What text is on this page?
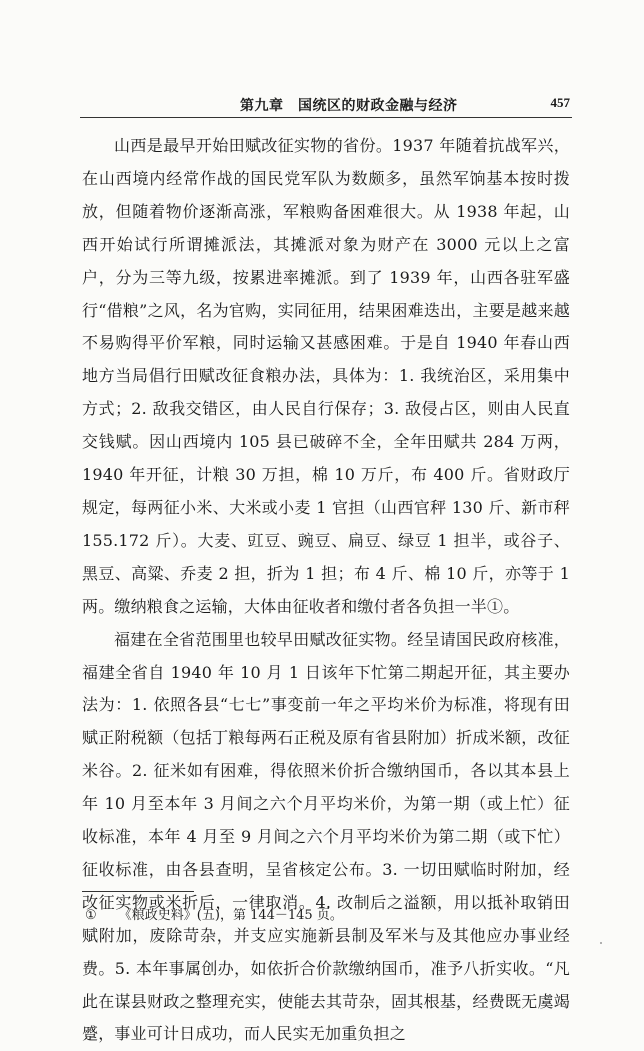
第九章　国统区的财政金融与经济	457

山西是最早开始田赋改征实物的省份。1937 年随着抗战军兴，在山西境内经常作战的国民党军队为数颇多，虽然军饷基本按时拨放，但随着物价逐渐高涨，军粮购备困难很大。从 1938 年起，山西开始试行所谓摊派法，其摊派对象为财产在 3000 元以上之富户，分为三等九级，按累进率摊派。到了 1939 年，山西各驻军盛行“借粮”之风，名为官购，实同征用，结果困难迭出，主要是越来越不易购得平价军粮，同时运输又甚感困难。于是自 1940 年春山西地方当局倡行田赋改征食粮办法，具体为：1. 我统治区，采用集中方式；2. 敌我交错区，由人民自行保存；3. 敌侵占区，则由人民直交钱赋。因山西境内 105 县已破碎不全，全年田赋共 284 万两，1940 年开征，计粮 30 万担，棉 10 万斤，布 400 斤。省财政厅规定，每两征小米、大米或小麦 1 官担（山西官秤 130 斤、新市秤 155.172 斤）。大麦、豇豆、豌豆、扁豆、绿豆 1 担半，或谷子、黑豆、高粱、乔麦 2 担，折为 1 担；布 4 斤、棉 10 斤，亦等于 1 两。缴纳粮食之运输，大体由征收者和缴付者各负担一半①。

福建在全省范围里也较早田赋改征实物。经呈请国民政府核准，福建全省自 1940 年 10 月 1 日该年下忙第二期起开征，其主要办法为：1. 依照各县“七七”事变前一年之平均米价为标准，将现有田赋正附税额（包括丁粮每两石正税及原有省县附加）折成米额，改征米谷。2. 征米如有困难，得依照米价折合缴纳国币，各以其本县上年 10 月至本年 3 月间之六个月平均米价，为第一期（或上忙）征收标准，本年 4 月至 9 月间之六个月平均米价为第二期（或下忙）征收标准，由各县查明，呈省核定公布。3. 一切田赋临时附加，经改征实物或米折后，一律取消。4. 改制后之溢额，用以抵补取销田赋附加，废除苛杂，并支应实施新县制及军米与及其他应办事业经费。5. 本年事属创办，如依折合价款缴纳国币，准予八折实收。“凡此在谋县财政之整理充实，使能去其苛杂，固其根基，经费既无虞竭蹙，事业可计日成功，而人民实无加重负担之

① 《粮政史料》(五)，第 144－145 页。
